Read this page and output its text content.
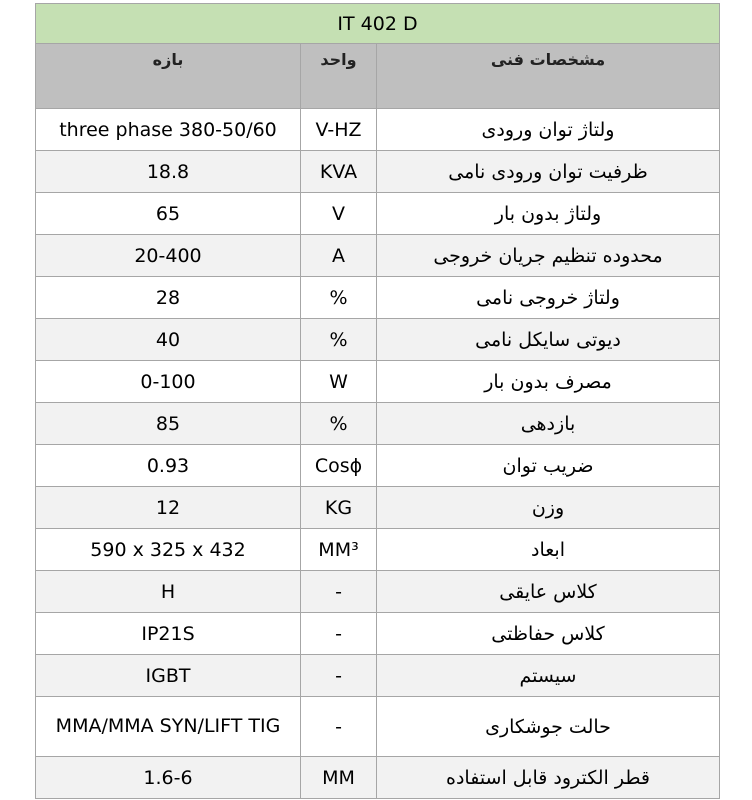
IT 402 D		
بازه	واحد	مشخصات فنی
three phase 380-50/60	V-HZ	ولتاژ توان ورودی
18.8	KVA	ظرفیت توان ورودی نامی
65	V	ولتاژ بدون بار
20-400	A	محدوده تنظیم جریان خروجی
28	%	ولتاژ خروجی نامی
40	%	دیوتی سایکل نامی
0-100	W	مصرف بدون بار
85	%	بازدهی
0.93	Cosϕ	ضریب توان
12	KG	وزن
590 x 325 x 432	MM³	ابعاد
H	-	کلاس عایقی
IP21S	-	کلاس حفاظتی
IGBT	-	سیستم
MMA/MMA SYN/LIFT TIG	-	حالت جوشکاری
1.6-6	MM	قطر الکترود قابل استفاده
